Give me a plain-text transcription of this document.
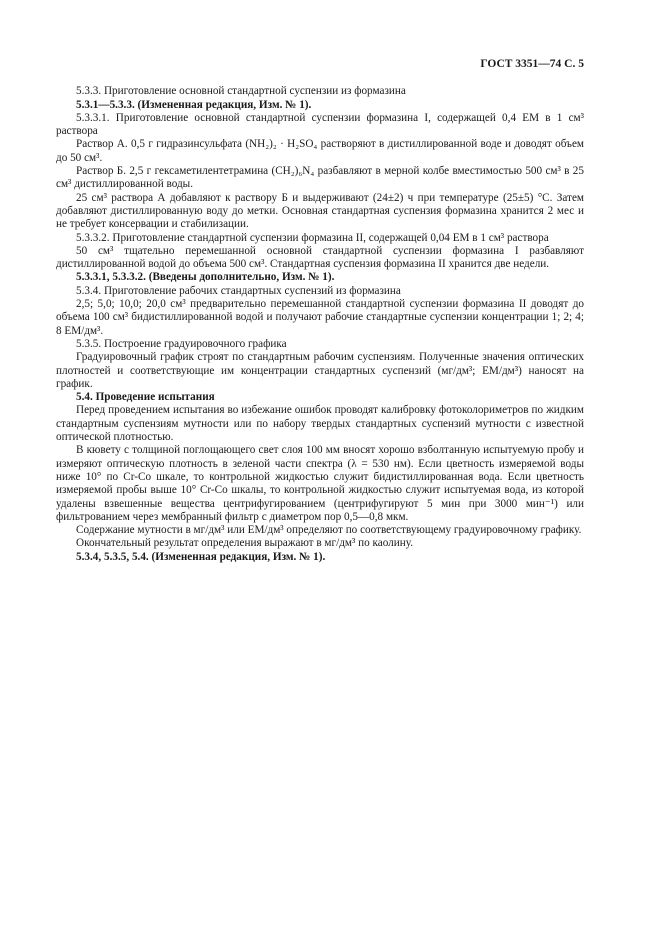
ГОСТ 3351—74 С. 5

5.3.3. Приготовление основной стандартной суспензии из формазина

5.3.1—5.3.3. (Измененная редакция, Изм. № 1).

5.3.3.1. Приготовление основной стандартной суспензии формазина I, содержащей 0,4 ЕМ в 1 см³ раствора

Раствор А. 0,5 г гидразинсульфата (NH₂)₂ · H₂SO₄ растворяют в дистиллированной воде и доводят объем до 50 см³.

Раствор Б. 2,5 г гексаметилентетрамина (CH₂)₆N₄ разбавляют в мерной колбе вместимостью 500 см³ в 25 см³ дистиллированной воды.

25 см³ раствора А добавляют к раствору Б и выдерживают (24±2) ч при температуре (25±5) °С. Затем добавляют дистиллированную воду до метки. Основная стандартная суспензия формазина хранится 2 мес и не требует консервации и стабилизации.

5.3.3.2. Приготовление стандартной суспензии формазина II, содержащей 0,04 ЕМ в 1 см³ раствора

50 см³ тщательно перемешанной основной стандартной суспензии формазина I разбавляют дистиллированной водой до объема 500 см³. Стандартная суспензия формазина II хранится две недели.

5.3.3.1, 5.3.3.2. (Введены дополнительно, Изм. № 1).

5.3.4. Приготовление рабочих стандартных суспензий из формазина

2,5; 5,0; 10,0; 20,0 см³ предварительно перемешанной стандартной суспензии формазина II доводят до объема 100 см³ бидистиллированной водой и получают рабочие стандартные суспензии концентрации 1; 2; 4; 8 ЕМ/дм³.

5.3.5. Построение градуировочного графика

Градуировочный график строят по стандартным рабочим суспензиям. Полученные значения оптических плотностей и соответствующие им концентрации стандартных суспензий (мг/дм³; ЕМ/дм³) наносят на график.

5.4. Проведение испытания

Перед проведением испытания во избежание ошибок проводят калибровку фотоколориметров по жидким стандартным суспензиям мутности или по набору твердых стандартных суспензий мутности с известной оптической плотностью.

В кювету с толщиной поглощающего свет слоя 100 мм вносят хорошо взболтанную испытуемую пробу и измеряют оптическую плотность в зеленой части спектра (λ = 530 нм). Если цветность измеряемой воды ниже 10° по Cr-Co шкале, то контрольной жидкостью служит бидистиллированная вода. Если цветность измеряемой пробы выше 10° Cr-Co шкалы, то контрольной жидкостью служит испытуемая вода, из которой удалены взвешенные вещества центрифугированием (центрифугируют 5 мин при 3000 мин⁻¹) или фильтрованием через мембранный фильтр с диаметром пор 0,5—0,8 мкм.

Содержание мутности в мг/дм³ или ЕМ/дм³ определяют по соответствующему градуировочному графику.

Окончательный результат определения выражают в мг/дм³ по каолину.

5.3.4, 5.3.5, 5.4. (Измененная редакция, Изм. № 1).
